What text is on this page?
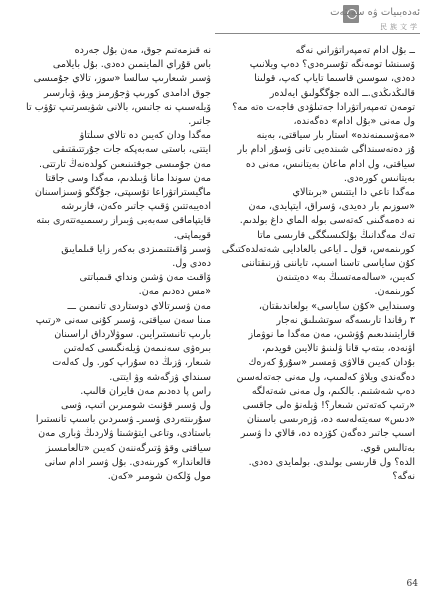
ئەدەبىيات ۋە سەنئەت
民族文学

ــ بۇل ادام تەمپەراتۋراني نەگە

ۆسىنشا تومەنگە تۇسىرەدى؟ دەپ ويلانىپ

دەدى، سوسىن قاسىما تاياپ كەپ، قولىنا

قالىڭدىڭدى.ــ الدە جۇگگولىق ايەلدەر

تومەن تەمپەراتۋرادا جەتىلۋدى قاجەت ەتە مە؟

ول مەنى «بۇل ادام» دەگەندە،

«مەۋسىمنەندە» استار بار سياقتى، بەينە

ۇز دەنەسىنداگى شىندەيى تانى ۋسۇر ادام بار

سياقتى، ول ادام ماعان بەيتانىس، مەنى دە

بەيتانىس كورەدى.

مەگدا تاعي دا ايتتىس «برىتالاي

«سوزىم بار دەيدى، ۋسراق، ايتپايدى، مەن

نە دەمەگىنى كەتەسى بولە الماي داغ بولدىم.

تەك مەگدانىڭ بۇلكىسىگگى قارىسى ماتا

كورىنمەس، قول ـ اياعى بالعادايى شەتەلدەكتىگى

كۇن ساياسى تاسنا اسىپ، تاياننى ۋرنىقتاننى

كەيىن، «سالەمەتسىڭ بە» دەيتىنەن

كورىنمەن.

وسىندايي «كۇن ساياسى» بولعاندىقتان،

٣ رقاندا تارىسەگە سوتشىلىق نەجار

قارايتىندىعىم ۇۋشىن، مەن مەگدا ما نوۋماز

اۋنەدە، بىتەپ قانا ۋلىنىۋ تالايىن قويدىم،

بۇدان كەيىن قالاۋى ۋمسىر «سۇرۇ كەرەك

دەگەندى ويلاۋ كەلمىپ، ول مەنى جەتەلەسىن

دەپ شەشتىم. بالكىم، ول مەنى شەتەلگە

«رتىپ كەتەتىن شىعار؟! ۋيلەنۋ ەلى جاقسى

«دىس» سەيتەلەسە دە، ۋزەرىسى باسىنان

اسىپ جاتىر دەگەن كۆزدە دە، قالاي دا ۋسىر

بەتالىس قوي.

الدە؟ ول قارىسى بولىدى. بولمايدى دەدى.

نەگە؟

نە قىزمەتىم جوق، مەن بۇل جەردە

باس قۇراي الماينمىن دەدى. بۇل بايلامى

ۋسىر شىعارىپ سالسا «سوز، تالاي جۇمىسى

جوق ادامدى كورىپ ۋجۇرمىز ويۋ، ۋبارسىر

ۆيلەسىپ نە جاتىس، بالانى شۋيسرتىپ تۇۋب تا

جاتىر.

مەگدا ودان كەيىن دە تالاي سىلتاۋ

ايتتى، باستى سەبەپكە جات جۇرتتىقتىقى

مەن جۇمىسى جوقتىنىعىن كولدەنەڭ تارتتى.

مەن سوندا مانا ۋبىلدىم، مەگدا وسى جاقتا

ماگيستراتۋراعا تۇسىپتى، جۇگگو ۋسىزاسىنان

ادەيبەتتىن ۋقىپ جاتىر ەكەن، قازىرشە

قايتپاماقى سەبەبى ۋبىراز رسىمىيەتتەرى بىتە

قويماپتى.

ۋسىر ۆاقىتتىمىزدى بەكەر زايا قىلمايىق

دەدى ول.

ۆاقىت مەن ۋشىن ونداي قىمباتتى

«مس دەدىم مەن.

مەن ۋسىرتالاي دوستاردى تانىمىن ـــ

مىنا سەن سياقتى، ۋسىر كۇنى سەنى «رتىپ

بارىپ تانىستىرايىن. سوۋلارداق اراسىنان

بىرەۋى سەنىمەن ۋيلەنگىسى كەلەتىن

شىعار، ۋزىڭ دە سۇراپ كور. ول كەلەت

سىنداي ۋزگەشە وۋ ايتتى.

راس پا دەدىم مەن قايران قالىپ.

ول ۋسىر قۇنىت شومىرىن اتىپ، ۋسى

سۇرىنتەردى ۋسىرـ ۋسىردىن باسىپ تانستىرا

باستادى، وتاعى ايتۋشىتا ۋلاردىڭ ۋبارى مەن

سياقتى وقۋ ۋتىرگەننەن كەيىن «تالعامسىز

قالعاندار» كورىنەدى. بۇل ۋسىر ادام سانى

مول ۆلكەن شومىر «كەن.

64
